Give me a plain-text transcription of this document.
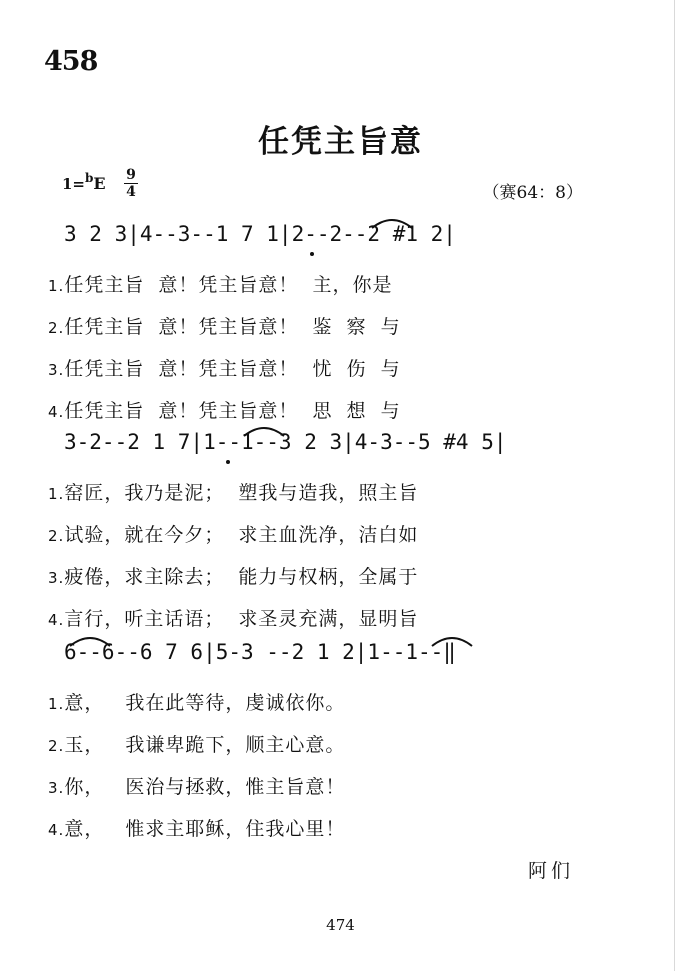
458
任凭主旨意
1=$^b$E 9
4	（赛64：8）
3 2 3|4--3--1 7 1|2--2--2 #1 2|
1.任凭主旨  意！凭主旨意！  主，你是
2.任凭主旨  意！凭主旨意！  鉴  察  与
3.任凭主旨  意！凭主旨意！  忧  伤  与
4.任凭主旨  意！凭主旨意！  思  想  与
3-2--2 1 7|1--1--3 2 3|4-3--5 #4 5|
1.窑匠，我乃是泥；  塑我与造我，照主旨
2.试验，就在今夕；  求主血洗净，洁白如
3.疲倦，求主除去；  能力与权柄，全属于
4.言行，听主话语；  求圣灵充满，显明旨
6--6--6 7 6|5-3 --2 1 2|1--1--‖
1.意，   我在此等待，虔诚依你。
2.玉，   我谦卑跪下，顺主心意。
3.你，   医治与拯救，惟主旨意！
4.意，   惟求主耶稣，住我心里！
阿们
474
